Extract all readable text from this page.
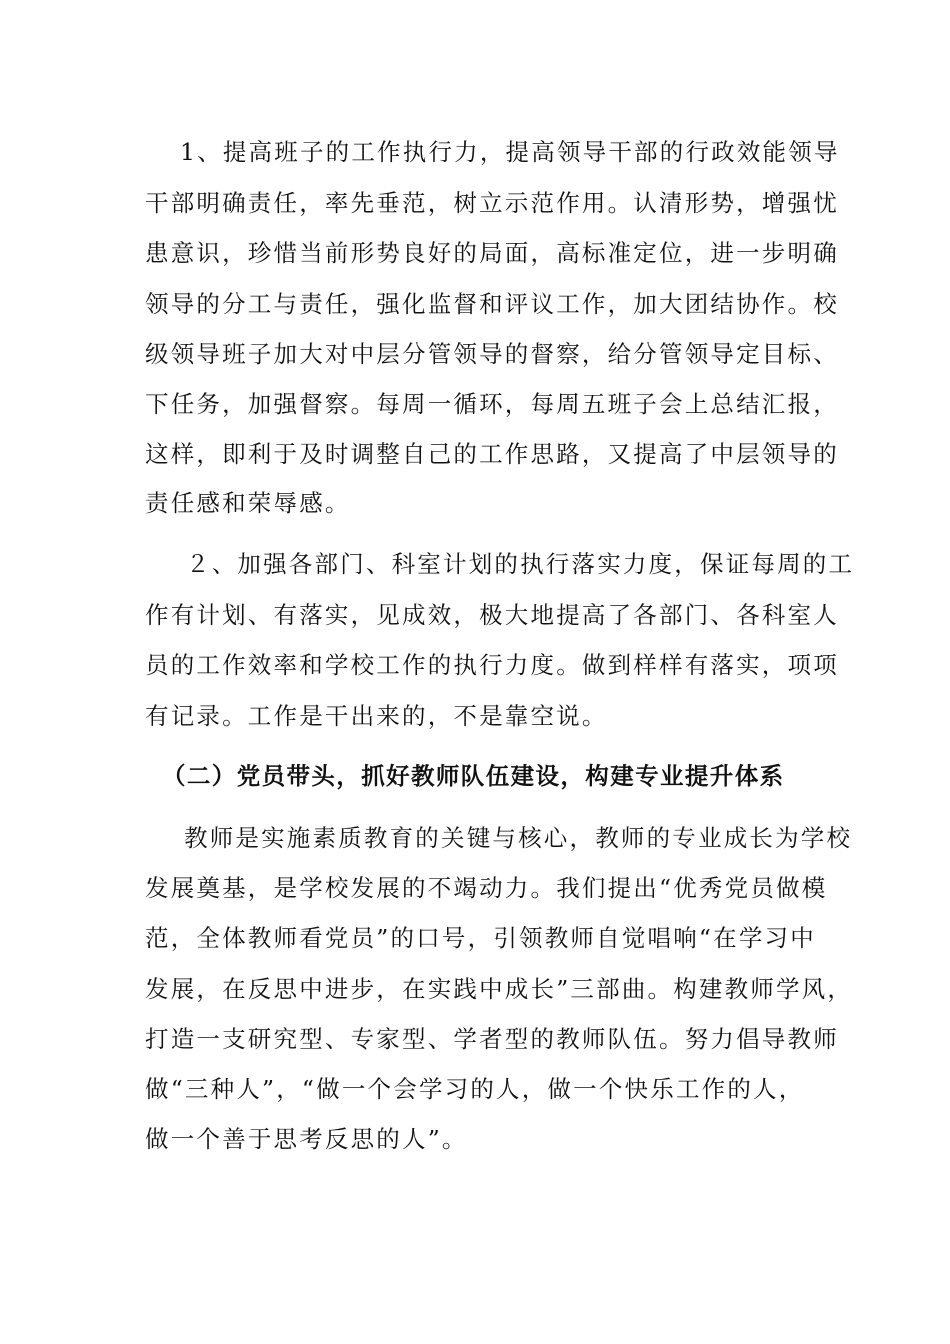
1、提高班子的工作执行力，提高领导干部的行政效能领导

干部明确责任，率先垂范，树立示范作用。认清形势，增强忧

患意识，珍惜当前形势良好的局面，高标准定位，进一步明确

领导的分工与责任，强化监督和评议工作，加大团结协作。校

级领导班子加大对中层分管领导的督察，给分管领导定目标、

下任务，加强督察。每周一循环，每周五班子会上总结汇报，

这样，即利于及时调整自己的工作思路，又提高了中层领导的

责任感和荣辱感。

２、加强各部门、科室计划的执行落实力度，保证每周的工

作有计划、有落实，见成效，极大地提高了各部门、各科室人

员的工作效率和学校工作的执行力度。做到样样有落实，项项

有记录。工作是干出来的，不是靠空说。

（二）党员带头，抓好教师队伍建设，构建专业提升体系

教师是实施素质教育的关键与核心，教师的专业成长为学校

发展奠基，是学校发展的不竭动力。我们提出“优秀党员做模

范，全体教师看党员”的口号，引领教师自觉唱响“在学习中

发展，在反思中进步，在实践中成长”三部曲。构建教师学风，

打造一支研究型、专家型、学者型的教师队伍。努力倡导教师

做“三种人”，“做一个会学习的人，做一个快乐工作的人，

做一个善于思考反思的人”。
